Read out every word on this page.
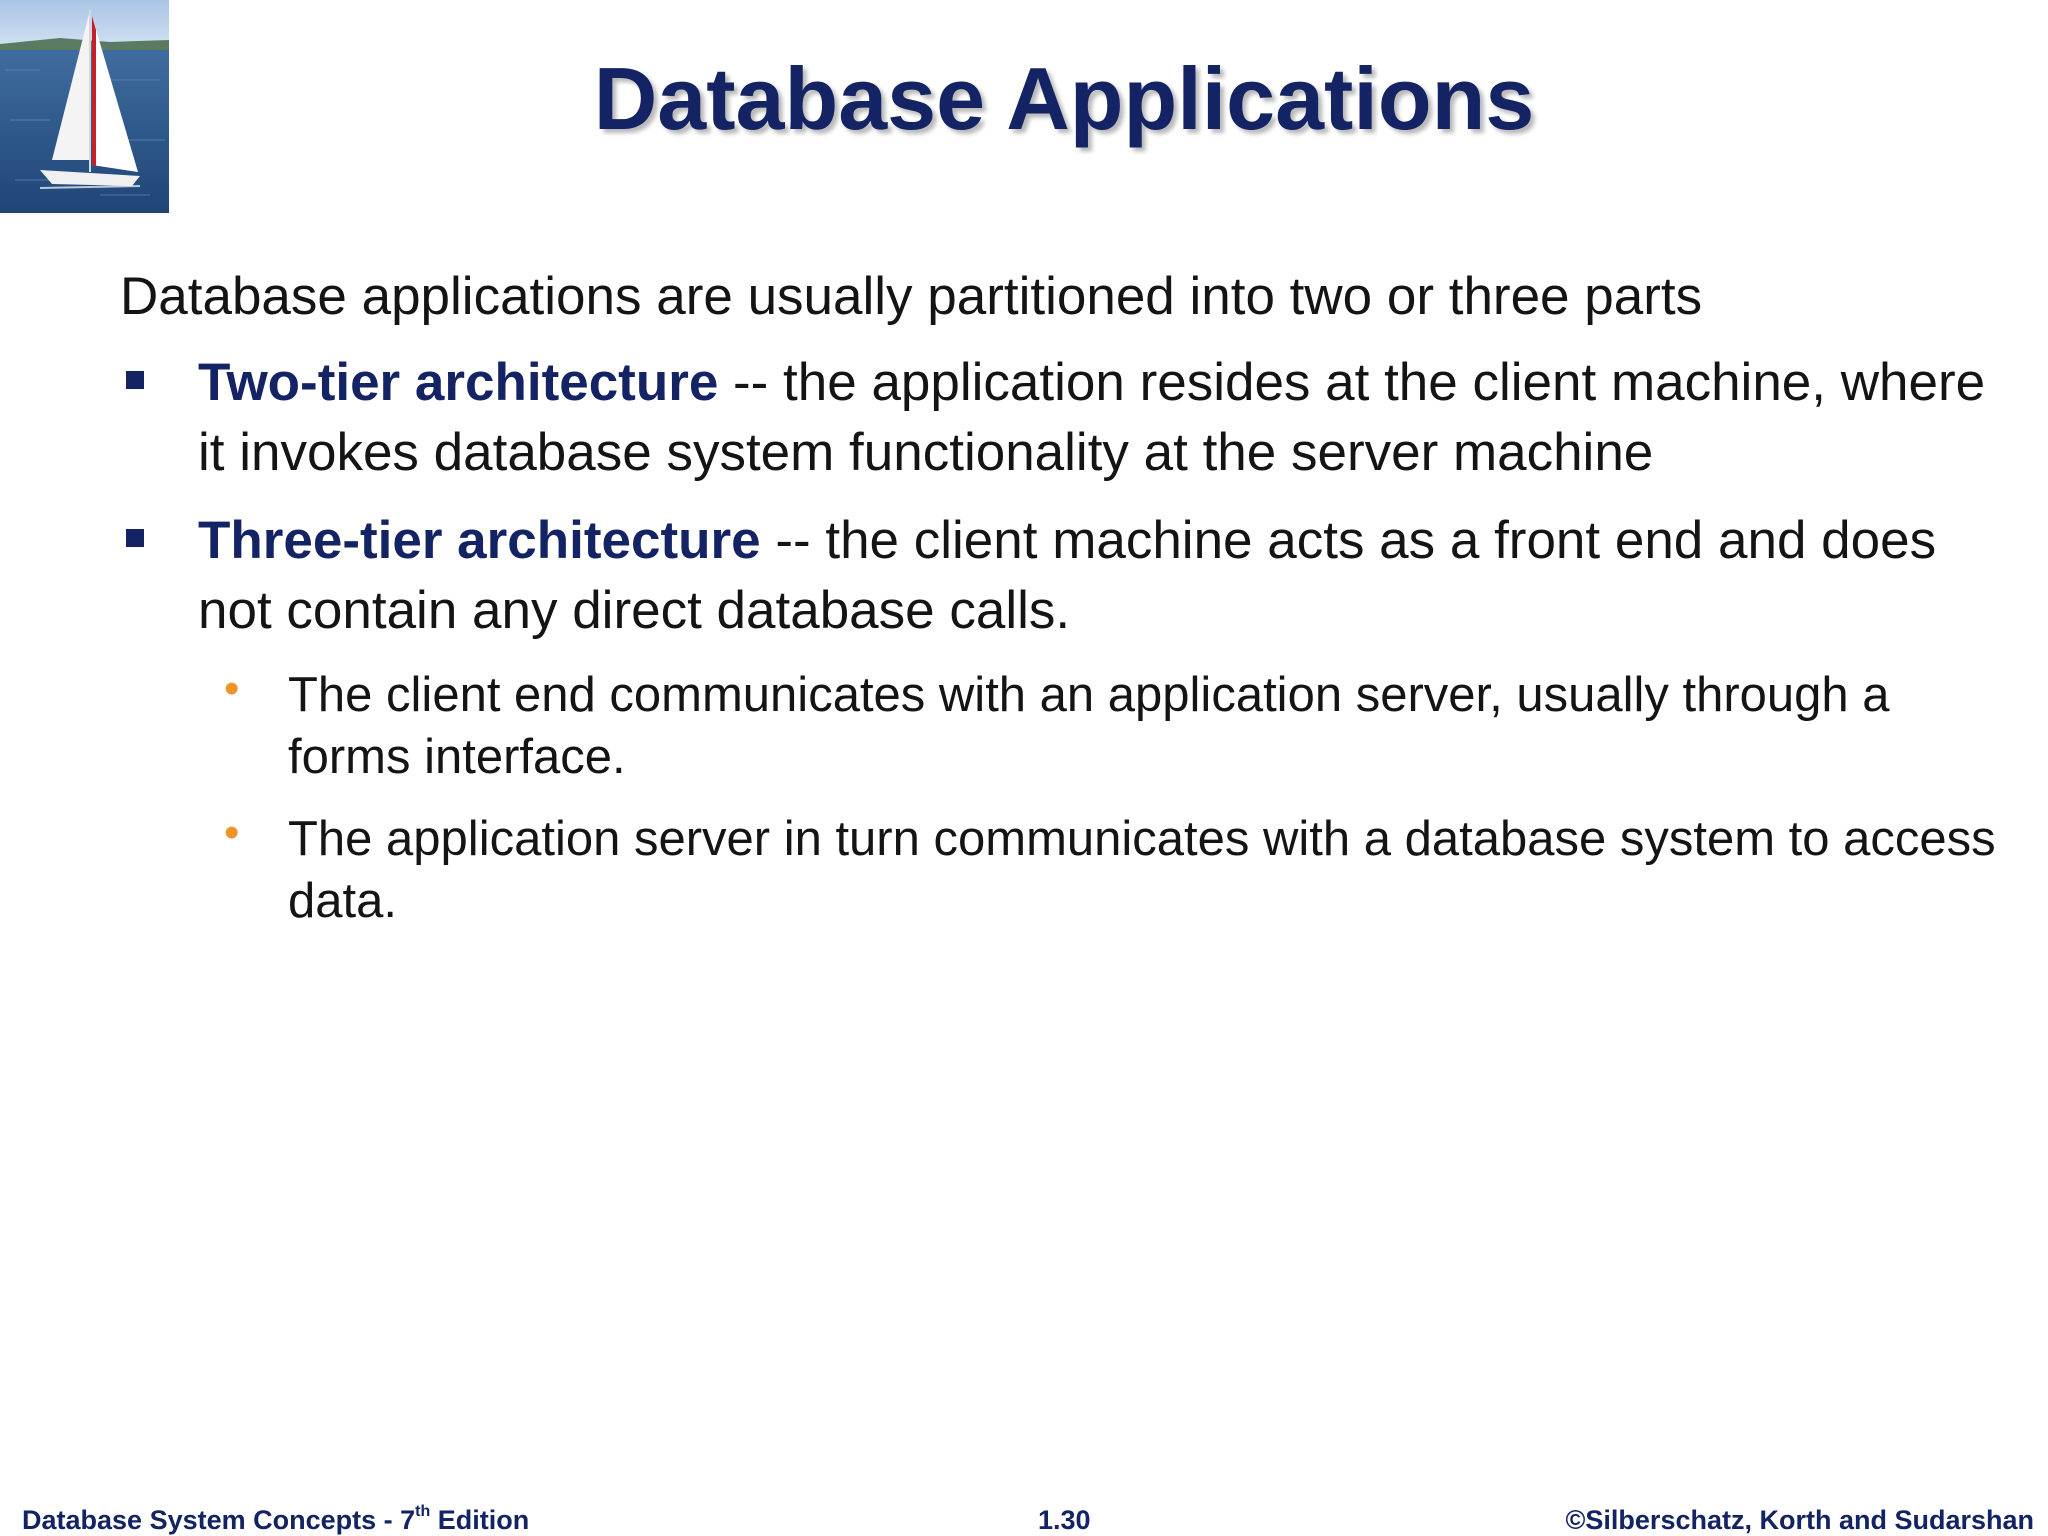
Database Applications
Database applications are usually partitioned into two or three parts
Two-tier architecture -- the application resides at the client machine, where it invokes database system functionality at the server machine
Three-tier architecture -- the client machine acts as a front end and does not contain any direct database calls.
• The client end communicates with an application server, usually through a forms interface.
• The application server in turn communicates with a database system to access data.
Database System Concepts - 7th Edition	1.30	©Silberschatz, Korth and Sudarshan
